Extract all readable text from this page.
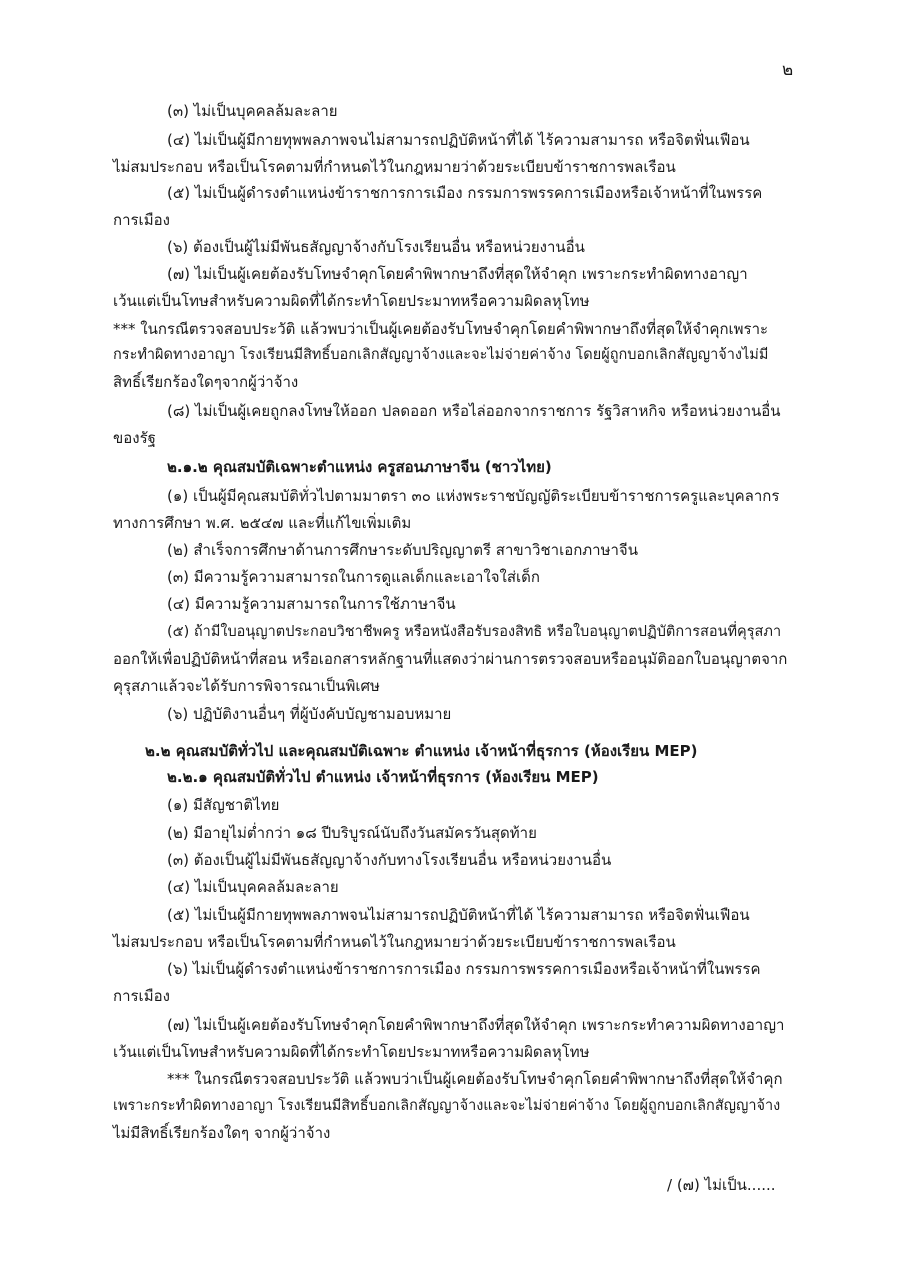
๒
(๓) ไม่เป็นบุคคลล้มละลาย
(๔) ไม่เป็นผู้มีกายทุพพลภาพจนไม่สามารถปฏิบัติหน้าที่ได้ ไร้ความสามารถ หรือจิตฟั่นเฟือน
ไม่สมประกอบ หรือเป็นโรคตามที่กำหนดไว้ในกฎหมายว่าด้วยระเบียบข้าราชการพลเรือน
(๕) ไม่เป็นผู้ดำรงตำแหน่งข้าราชการการเมือง กรรมการพรรคการเมืองหรือเจ้าหน้าที่ในพรรค
การเมือง
(๖) ต้องเป็นผู้ไม่มีพันธสัญญาจ้างกับโรงเรียนอื่น หรือหน่วยงานอื่น
(๗) ไม่เป็นผู้เคยต้องรับโทษจำคุกโดยคำพิพากษาถึงที่สุดให้จำคุก เพราะกระทำผิดทางอาญา
เว้นแต่เป็นโทษสำหรับความผิดที่ได้กระทำโดยประมาทหรือความผิดลหุโทษ
*** ในกรณีตรวจสอบประวัติ แล้วพบว่าเป็นผู้เคยต้องรับโทษจำคุกโดยคำพิพากษาถึงที่สุดให้จำคุกเพราะ
กระทำผิดทางอาญา โรงเรียนมีสิทธิ์บอกเลิกสัญญาจ้างและจะไม่จ่ายค่าจ้าง โดยผู้ถูกบอกเลิกสัญญาจ้างไม่มี
สิทธิ์เรียกร้องใดๆจากผู้ว่าจ้าง
(๘) ไม่เป็นผู้เคยถูกลงโทษให้ออก ปลดออก หรือไล่ออกจากราชการ รัฐวิสาหกิจ หรือหน่วยงานอื่น
ของรัฐ
๒.๑.๒ คุณสมบัติเฉพาะตำแหน่ง ครูสอนภาษาจีน (ชาวไทย)
(๑) เป็นผู้มีคุณสมบัติทั่วไปตามมาตรา ๓๐ แห่งพระราชบัญญัติระเบียบข้าราชการครูและบุคลากร
ทางการศึกษา พ.ศ. ๒๕๔๗ และที่แก้ไขเพิ่มเติม
(๒) สำเร็จการศึกษาด้านการศึกษาระดับปริญญาตรี สาขาวิชาเอกภาษาจีน
(๓) มีความรู้ความสามารถในการดูแลเด็กและเอาใจใส่เด็ก
(๔) มีความรู้ความสามารถในการใช้ภาษาจีน
(๕) ถ้ามีใบอนุญาตประกอบวิชาชีพครู หรือหนังสือรับรองสิทธิ หรือใบอนุญาตปฏิบัติการสอนที่คุรุสภา
ออกให้เพื่อปฏิบัติหน้าที่สอน หรือเอกสารหลักฐานที่แสดงว่าผ่านการตรวจสอบหรืออนุมัติออกใบอนุญาตจาก
คุรุสภาแล้วจะได้รับการพิจารณาเป็นพิเศษ
(๖) ปฏิบัติงานอื่นๆ ที่ผู้บังคับบัญชามอบหมาย
๒.๒ คุณสมบัติทั่วไป และคุณสมบัติเฉพาะ ตำแหน่ง เจ้าหน้าที่ธุรการ (ห้องเรียน MEP)
๒.๒.๑ คุณสมบัติทั่วไป ตำแหน่ง เจ้าหน้าที่ธุรการ (ห้องเรียน MEP)
(๑) มีสัญชาติไทย
(๒) มีอายุไม่ต่ำกว่า ๑๘ ปีบริบูรณ์นับถึงวันสมัครวันสุดท้าย
(๓) ต้องเป็นผู้ไม่มีพันธสัญญาจ้างกับทางโรงเรียนอื่น หรือหน่วยงานอื่น
(๔) ไม่เป็นบุคคลล้มละลาย
(๕) ไม่เป็นผู้มีกายทุพพลภาพจนไม่สามารถปฏิบัติหน้าที่ได้ ไร้ความสามารถ หรือจิตฟั่นเฟือน
ไม่สมประกอบ หรือเป็นโรคตามที่กำหนดไว้ในกฎหมายว่าด้วยระเบียบข้าราชการพลเรือน
(๖) ไม่เป็นผู้ดำรงตำแหน่งข้าราชการการเมือง กรรมการพรรคการเมืองหรือเจ้าหน้าที่ในพรรค
การเมือง
(๗) ไม่เป็นผู้เคยต้องรับโทษจำคุกโดยคำพิพากษาถึงที่สุดให้จำคุก เพราะกระทำความผิดทางอาญา
เว้นแต่เป็นโทษสำหรับความผิดที่ได้กระทำโดยประมาทหรือความผิดลหุโทษ
*** ในกรณีตรวจสอบประวัติ แล้วพบว่าเป็นผู้เคยต้องรับโทษจำคุกโดยคำพิพากษาถึงที่สุดให้จำคุก
เพราะกระทำผิดทางอาญา โรงเรียนมีสิทธิ์บอกเลิกสัญญาจ้างและจะไม่จ่ายค่าจ้าง โดยผู้ถูกบอกเลิกสัญญาจ้าง
ไม่มีสิทธิ์เรียกร้องใดๆ จากผู้ว่าจ้าง
/ (๗) ไม่เป็น......
